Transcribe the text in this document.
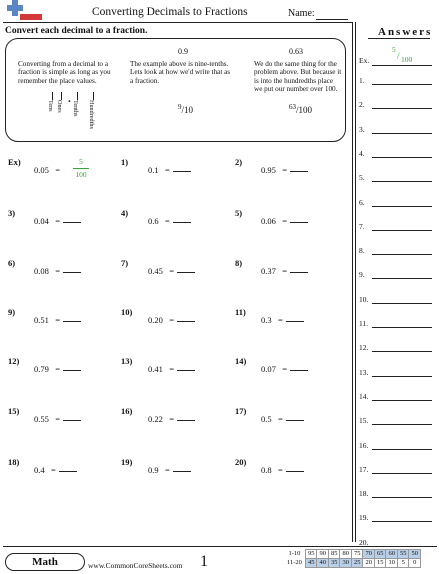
Converting Decimals to Fractions	Name:
Answers
Convert each decimal to a fraction.
Converting from a decimal to a fraction is simple as long as you remember the place values.
The example above is nine-tenths. Lets look at how we'd write that as a fraction.
We do the same thing for the problem above. But because it is into the hundredths place we put our number over 100.
0.9	0.63
$^9$/10	$^{63}$/100
Tens Ones
.
Tenths Hundredths
Ex)
0.05 =
5
100
1)
0.1 =
2)
0.95 =
3)
0.04 =
4)
0.6 =
5)
0.06 =
6)
0.08 =
7)
0.45 =
8)
0.37 =
9)
0.51 =
10)
0.20 =
11)
0.3 =
12)
0.79 =
13)
0.41 =
14)
0.07 =
15)
0.55 =
16)
0.22 =
17)
0.5 =
18)
0.4 =
19)
0.9 =
20)
0.8 =
Ex.
5
/ 100
1.
2.
3.
4.
5.
6.
7.
8.
9.
10.
11.
12.
13.
14.
15.
16.
17.
18.
19.
20.
Math	www.CommonCoreSheets.com 1	1-10	95	90	85	80	75	70	65	60	55	50
11-20	45	40	35	30	25	20	15	10	5	0
